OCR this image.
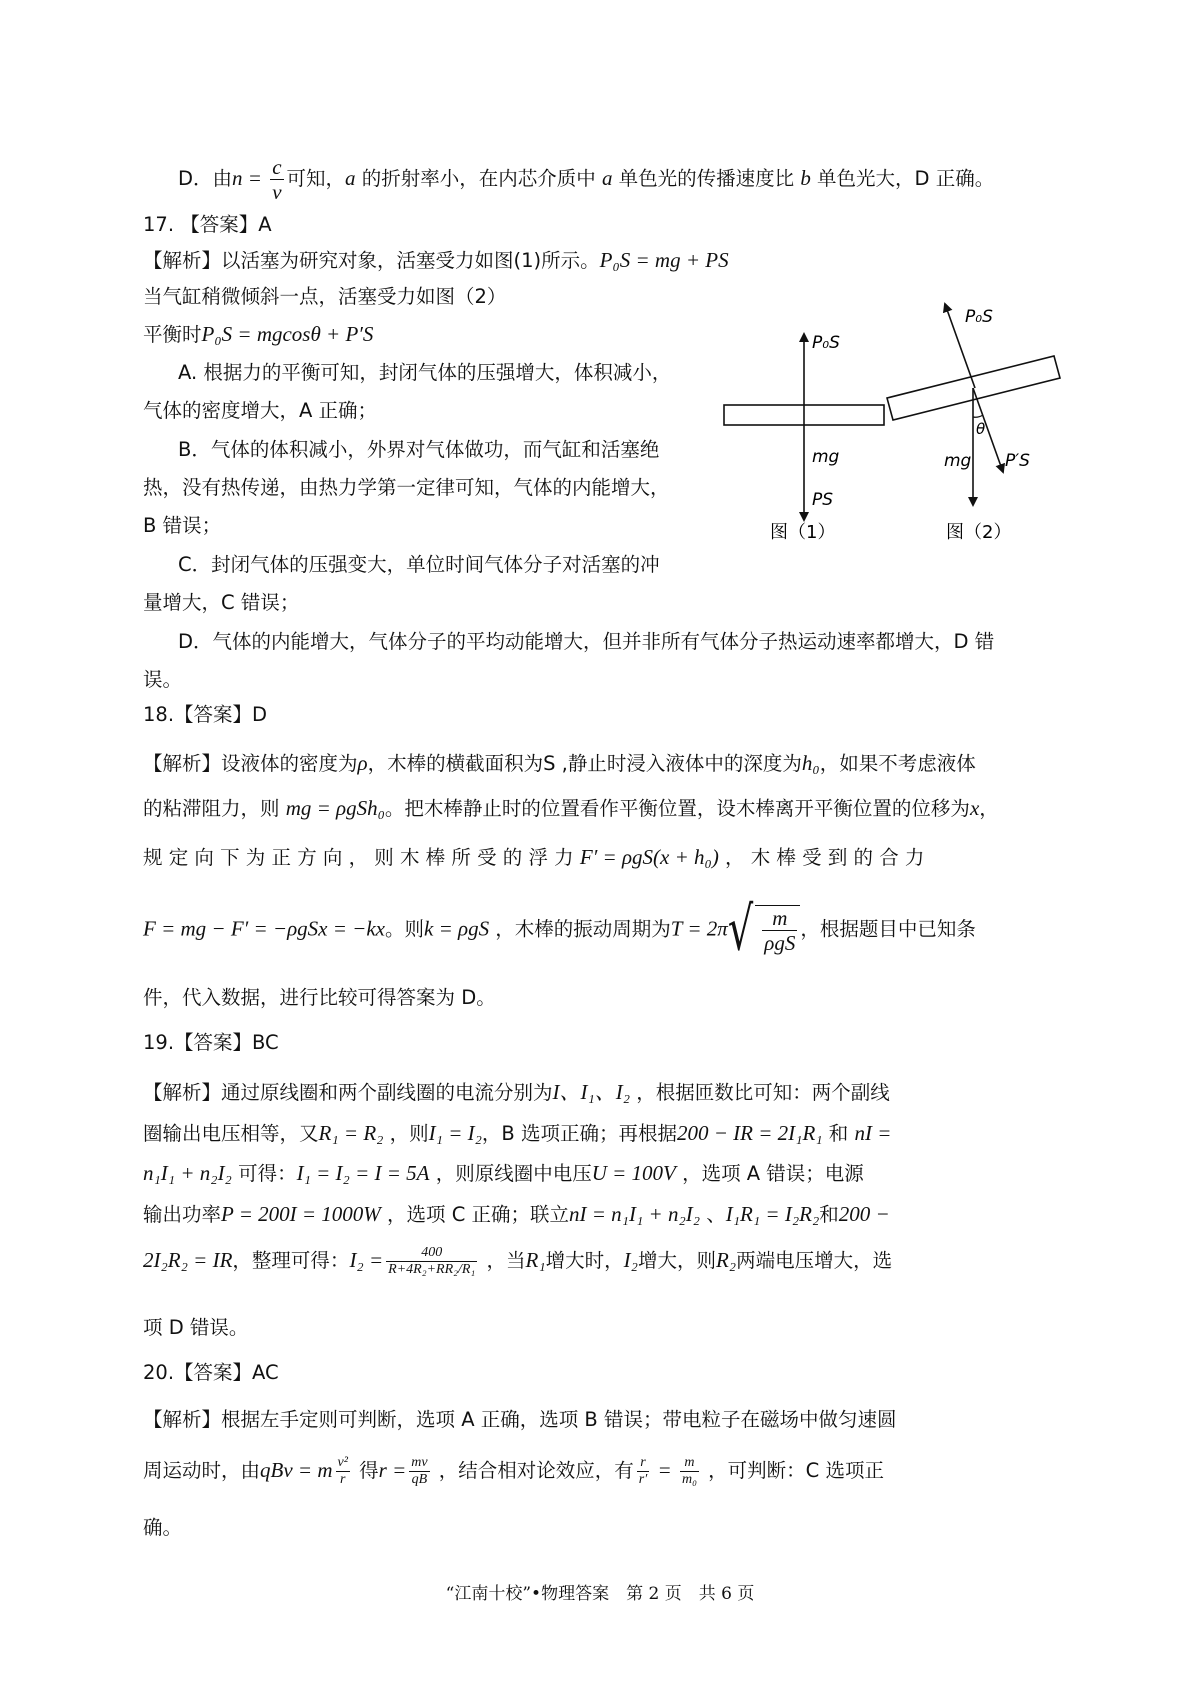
D．由$n = \frac{c}{v}$ 可知，a 的折射率小，在内芯介质中 a 单色光的传播速度比 b 单色光大，D 正确。
17. 【答案】A
【解析】以活塞为研究对象，活塞受力如图(1)所示。P₀S = mg + PS
当气缸稍微倾斜一点，活塞受力如图（2）
平衡时P₀S = mgcosθ + P′S
A. 根据力的平衡可知，封闭气体的压强增大，体积减小，
气体的密度增大，A 正确；
B．气体的体积减小，外界对气体做功，而气缸和活塞绝
热，没有热传递，由热力学第一定律可知，气体的内能增大，
B 错误；
C．封闭气体的压强变大，单位时间气体分子对活塞的冲
量增大，C 错误；
D．气体的内能增大，气体分子的平均动能增大，但并非所有气体分子热运动速率都增大，D 错
误。
P₀S
mg
PS
图（1）
P₀S
θ
mg P′S
图（2）
18.【答案】D
【解析】设液体的密度为ρ，木棒的横截面积为S ,静止时浸入液体中的深度为h₀，如果不考虑液体
的粘滞阻力，则 mg = ρgSh₀。把木棒静止时的位置看作平衡位置，设木棒离开平衡位置的位移为x，
规 定 向 下 为 正 方 向 ， 则 木 棒 所 受 的 浮 力 F′ = ρgS(x + h₀) ， 木 棒 受 到 的 合 力
F = mg − F′ = −ρgSx = −kx。则k = ρgS ，木棒的振动周期为$T = 2\pi√ \frac{m}{\text{ρgS}}$ ，根据题目中已知条
件，代入数据，进行比较可得答案为 D。
19.【答案】BC
【解析】通过原线圈和两个副线圈的电流分别为I、I₁、I₂ ，根据匝数比可知：两个副线
圈输出电压相等，又R₁ = R₂ ，则I₁ = I₂，B 选项正确；再根据200 − IR = 2I₁R₁ 和 nI =
n₁I₁ + n₂I₂ 可得：I₁ = I₂ = I = 5A ，则原线圈中电压U = 100V ，选项 A 错误；电源
输出功率P = 200I = 1000W ，选项 C 正确；联立nI = n₁I₁ + n₂I₂ 、I₁R₁ = I₂R₂和200 −
2I₂R₂ = IR，整理可得：$I_2 = \frac{400}{\text{R+4R₂+RR₂/R₁}}$ ，当R₁增大时，I₂增大，则R₂两端电压增大，选
项 D 错误。
20.【答案】AC
【解析】根据左手定则可判断，选项 A 正确，选项 B 错误；带电粒子在磁场中做匀速圆
周运动时，由qBv = m $\frac{\text{v²}}{r}$ 得$r = \frac{mv}{qB}$ ，结合相对论效应，有 $\frac{r}{r'} = \frac{m}{\text{m₀}}$ ，可判断：C 选项正
确。
“江南十校”•物理答案　第 2 页　共 6 页
